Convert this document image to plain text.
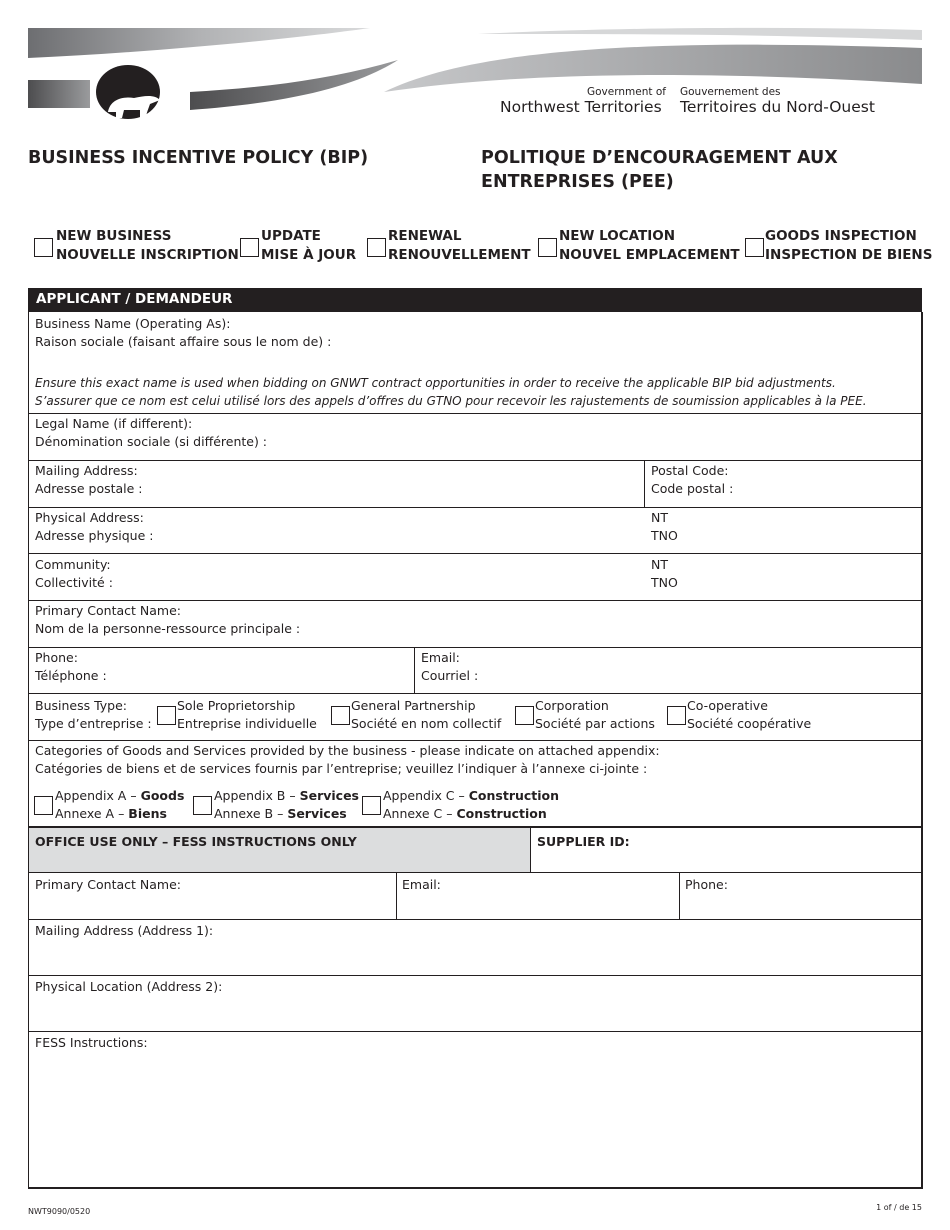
Government of
Northwest Territories
Gouvernement des
Territoires du Nord-Ouest
BUSINESS INCENTIVE POLICY (BIP)	POLITIQUE D’ENCOURAGEMENT AUX
ENTREPRISES (PEE)
NEW BUSINESS
NOUVELLE INSCRIPTION
UPDATE
MISE À JOUR
RENEWAL
RENOUVELLEMENT
NEW LOCATION
NOUVEL EMPLACEMENT
GOODS INSPECTION
INSPECTION DE BIENS
APPLICANT / DEMANDEUR
Business Name (Operating As):
Raison sociale (faisant affaire sous le nom de) :
Ensure this exact name is used when bidding on GNWT contract opportunities in order to receive the applicable BIP bid adjustments.
S’assurer que ce nom est celui utilisé lors des appels d’offres du GTNO pour recevoir les rajustements de soumission applicables à la PEE.
Legal Name (if different):
Dénomination sociale (si différente) :
Mailing Address:
Adresse postale :
Postal Code:
Code postal :
Physical Address:
Adresse physique :
NT
TNO
Community:
Collectivité :
NT
TNO
Primary Contact Name:
Nom de la personne-ressource principale :
Phone:
Téléphone :
Email:
Courriel :
Business Type:
Type d’entreprise :
Sole Proprietorship
Entreprise individuelle
General Partnership
Société en nom collectif
Corporation
Société par actions
Co-operative
Société coopérative
Categories of Goods and Services provided by the business - please indicate on attached appendix:
Catégories de biens et de services fournis par l’entreprise; veuillez l’indiquer à l’annexe ci-jointe :
Appendix A – Goods
Annexe A – Biens
Appendix B – Services
Annexe B – Services
Appendix C – Construction
Annexe C – Construction
OFFICE USE ONLY – FESS INSTRUCTIONS ONLY	SUPPLIER ID:
Primary Contact Name:	Email:	Phone:
Mailing Address (Address 1):
Physical Location (Address 2):
FESS Instructions:
NWT9090/0520	1 of / de 15
